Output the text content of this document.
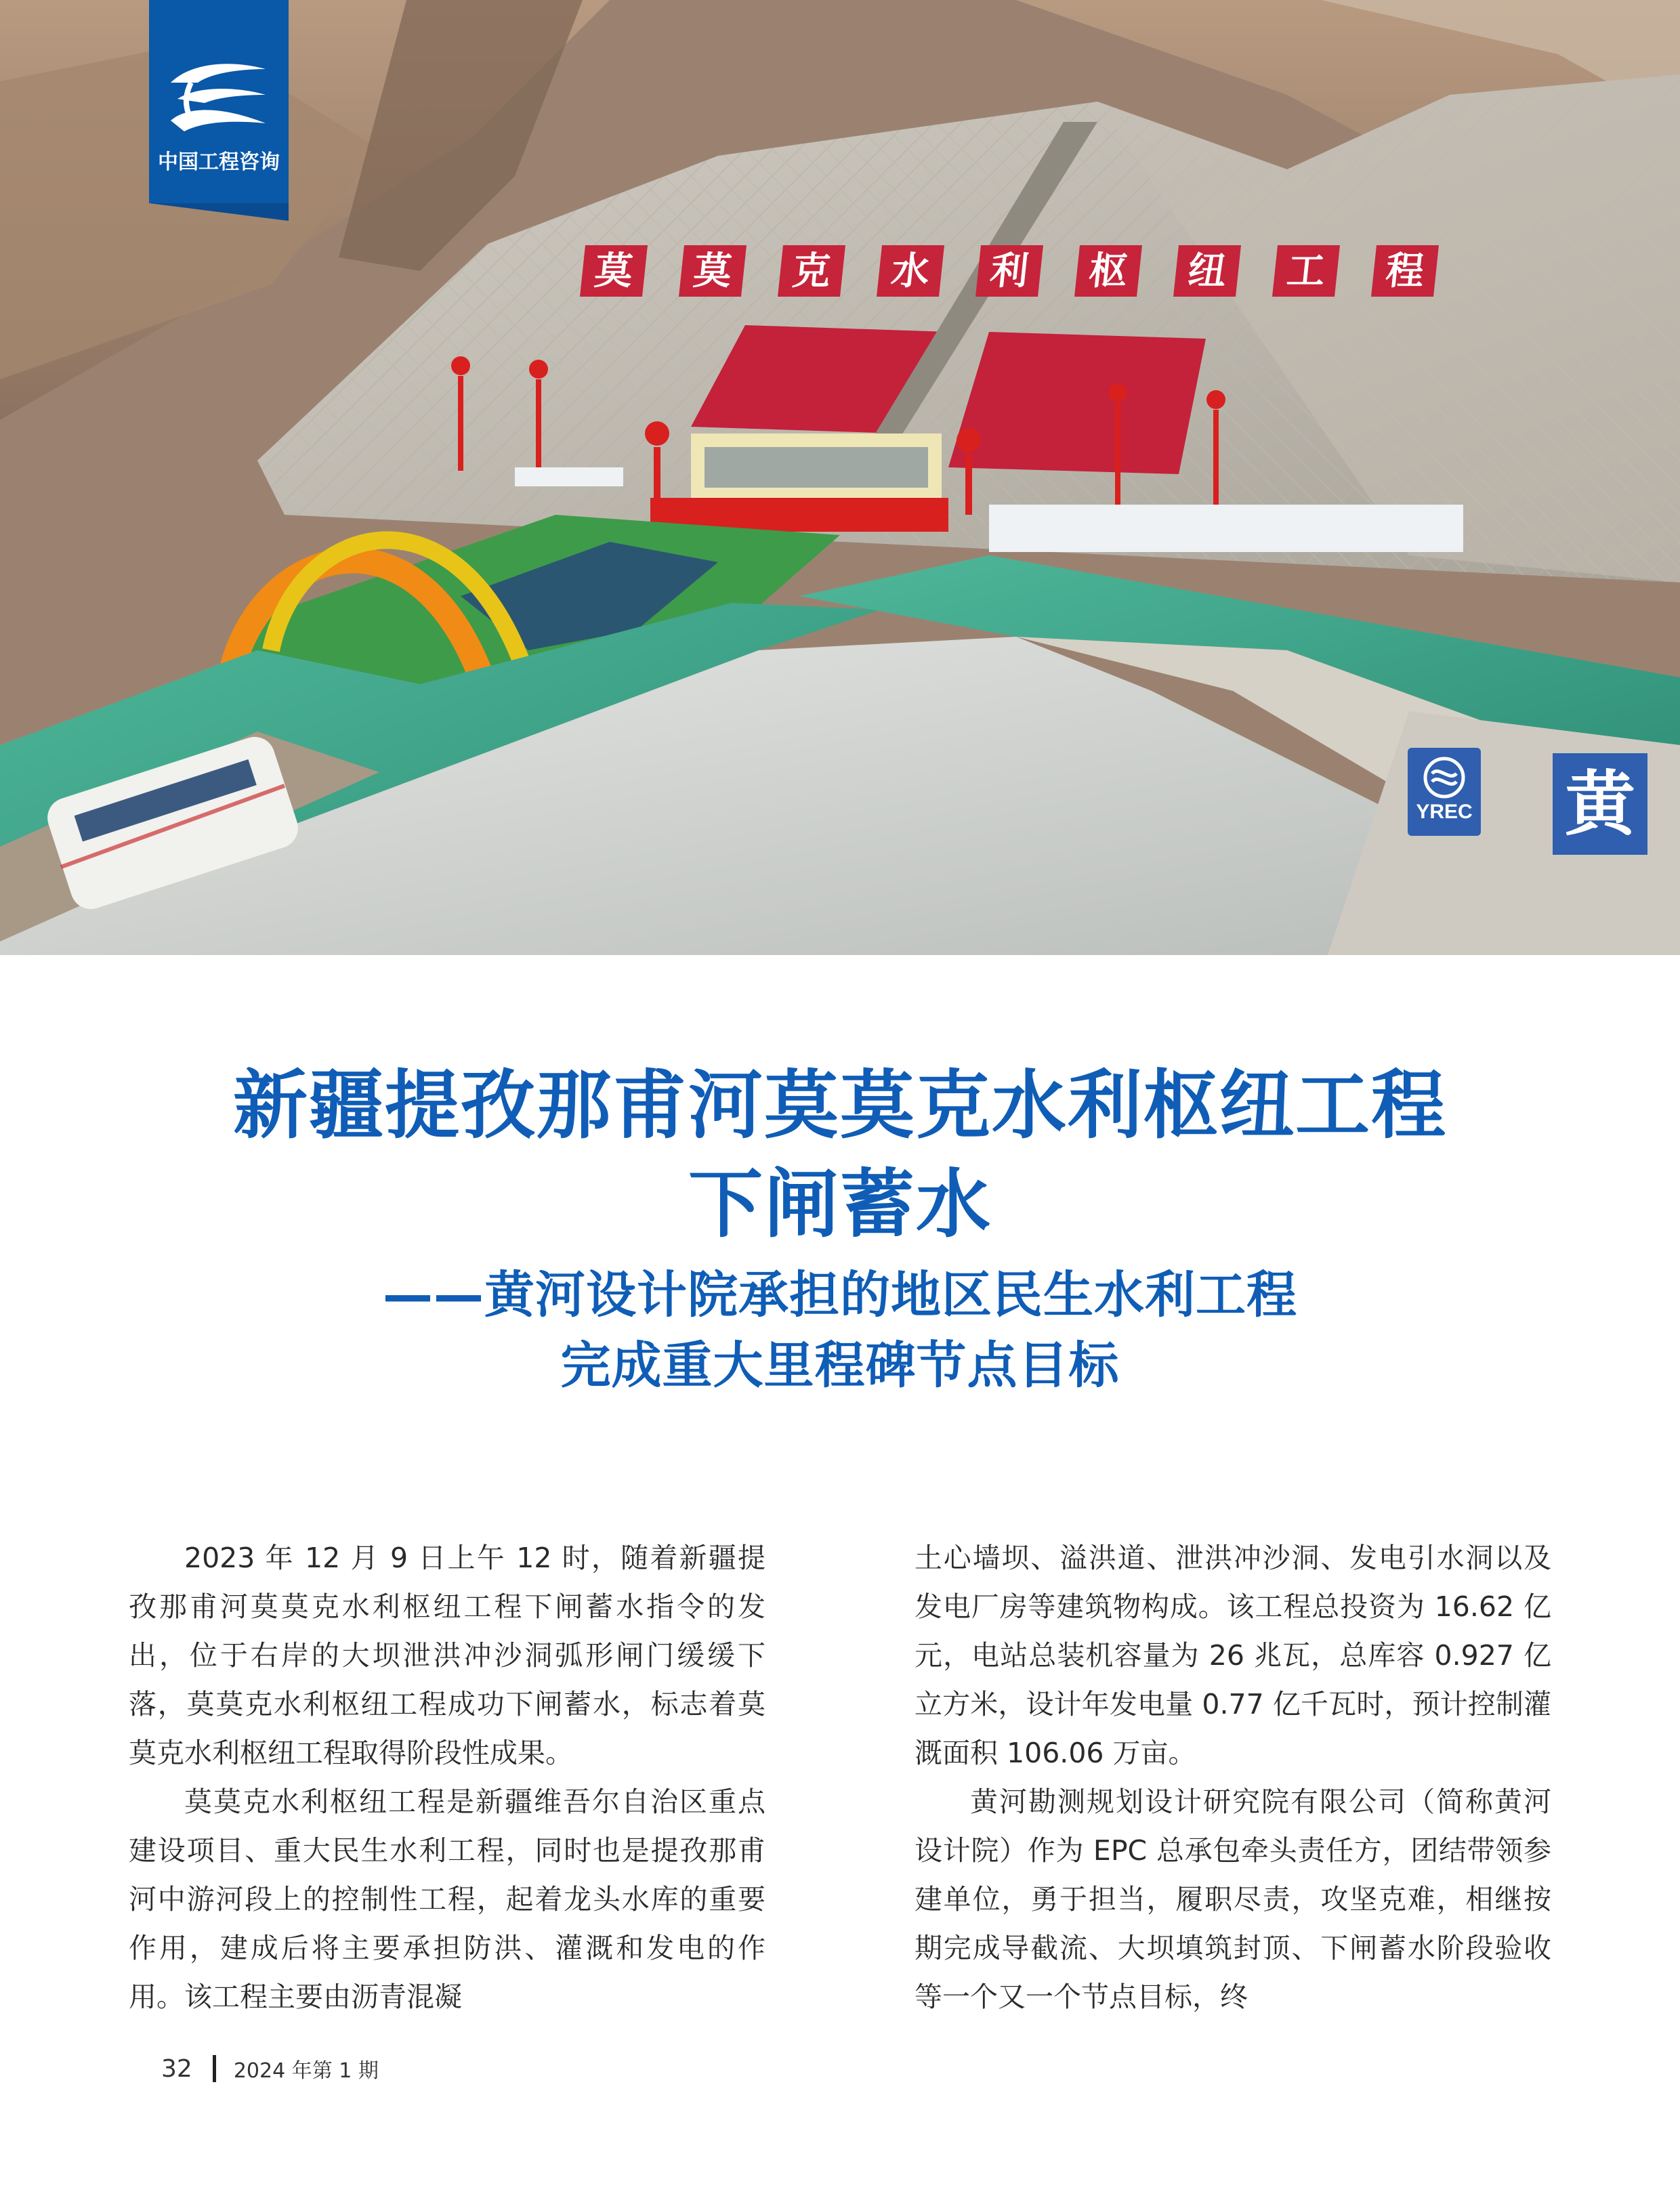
莫	莫	克	水	利	枢	纽	工	程
YREC 黄
中国工程咨询
新疆提孜那甫河莫莫克水利枢纽工程
下闸蓄水
——黄河设计院承担的地区民生水利工程
完成重大里程碑节点目标

2023 年 12 月 9 日上午 12 时，随着新疆提孜那甫河莫莫克水利枢纽工程下闸蓄水指令的发出，位于右岸的大坝泄洪冲沙洞弧形闸门缓缓下落，莫莫克水利枢纽工程成功下闸蓄水，标志着莫莫克水利枢纽工程取得阶段性成果。

莫莫克水利枢纽工程是新疆维吾尔自治区重点建设项目、重大民生水利工程，同时也是提孜那甫河中游河段上的控制性工程，起着龙头水库的重要作用，建成后将主要承担防洪、灌溉和发电的作用。该工程主要由沥青混凝

土心墙坝、溢洪道、泄洪冲沙洞、发电引水洞以及发电厂房等建筑物构成。该工程总投资为 16.62 亿元，电站总装机容量为 26 兆瓦，总库容 0.927 亿立方米，设计年发电量 0.77 亿千瓦时，预计控制灌溉面积 106.06 万亩。

黄河勘测规划设计研究院有限公司（简称黄河设计院）作为 EPC 总承包牵头责任方，团结带领参建单位，勇于担当，履职尽责，攻坚克难，相继按期完成导截流、大坝填筑封顶、下闸蓄水阶段验收等一个又一个节点目标，终

32 2024 年第 1 期
